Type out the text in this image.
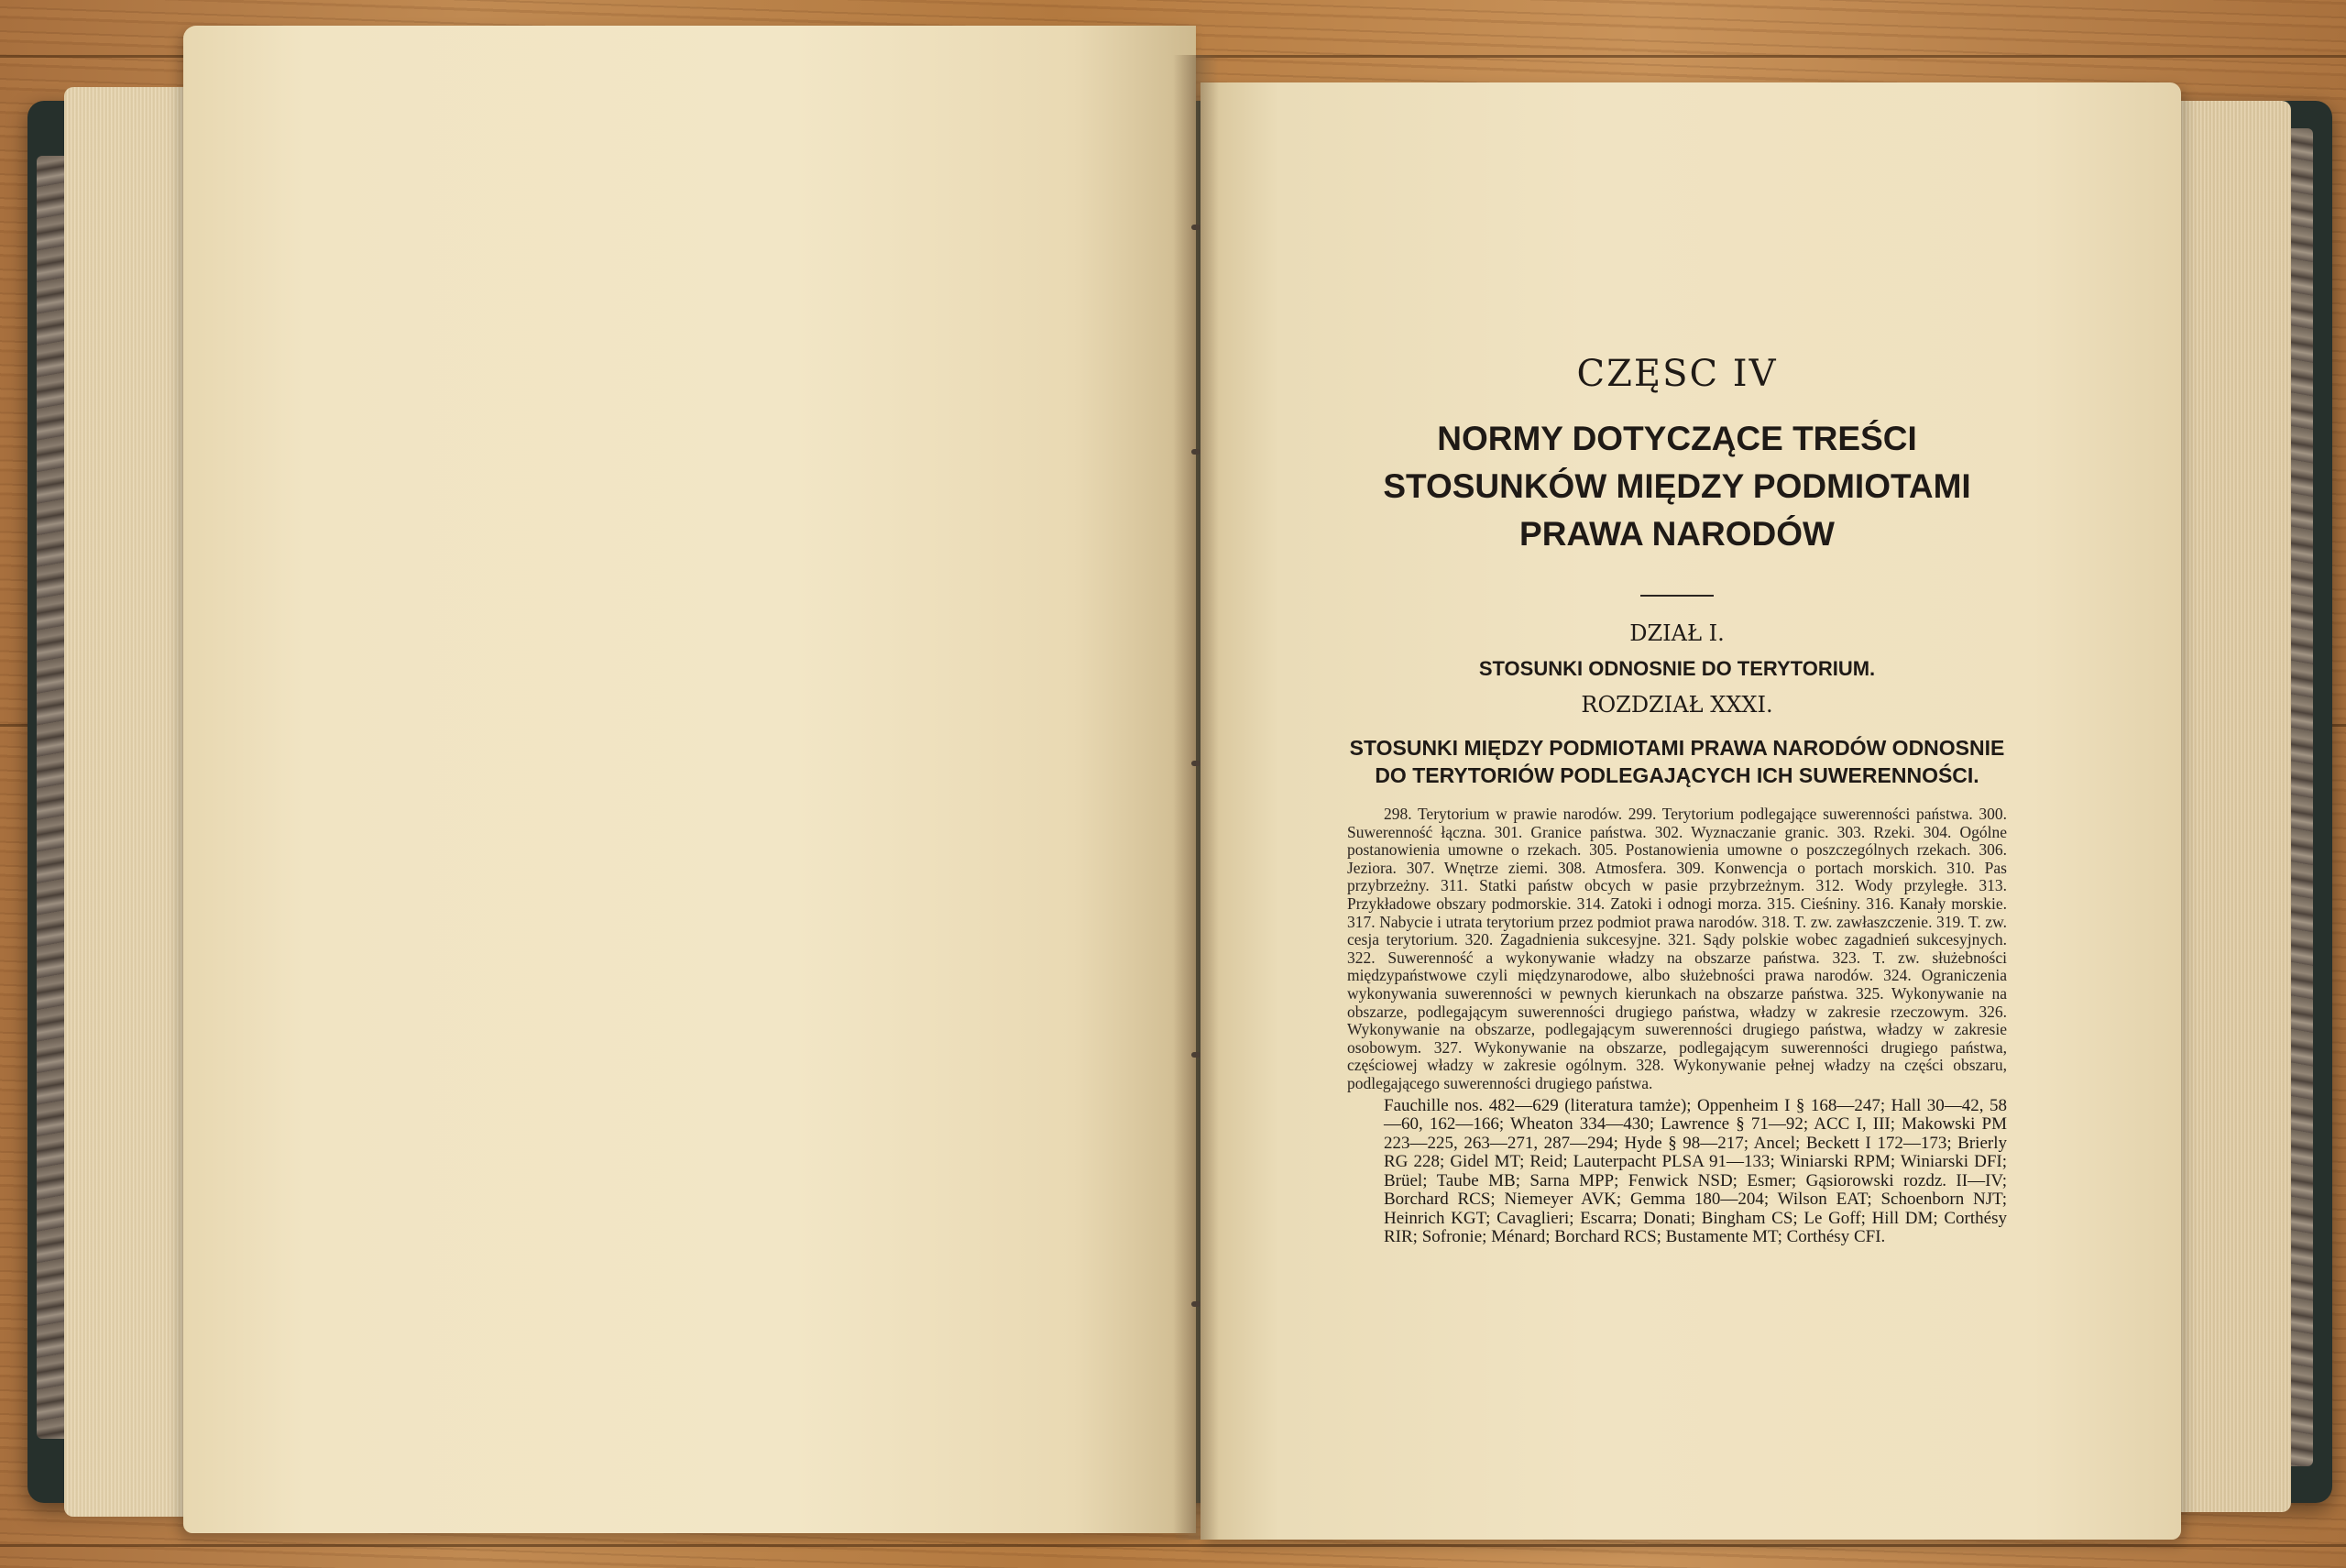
CZĘSC IV
NORMY DOTYCZĄCE TREŚCI
STOSUNKÓW MIĘDZY PODMIOTAMI
PRAWA NARODÓW
DZIAŁ I.
STOSUNKI ODNOSNIE DO TERYTORIUM.
ROZDZIAŁ XXXI.
STOSUNKI MIĘDZY PODMIOTAMI PRAWA NARODÓW ODNOSNIE DO TERYTORIÓW PODLEGAJĄCYCH ICH SUWERENNOŚCI.

298. Terytorium w prawie narodów. 299. Terytorium podlegające suwerenności państwa. 300. Suwerenność łączna. 301. Granice państwa. 302. Wyznaczanie granic. 303. Rzeki. 304. Ogólne postanowienia umowne o rzekach. 305. Postanowienia umowne o poszczególnych rzekach. 306. Jeziora. 307. Wnętrze ziemi. 308. Atmosfera. 309. Konwencja o portach morskich. 310. Pas przybrzeżny. 311. Statki państw obcych w pasie przybrzeżnym. 312. Wody przyległe. 313. Przykładowe obszary podmorskie. 314. Zatoki i odnogi morza. 315. Cieśniny. 316. Kanały morskie. 317. Nabycie i utrata terytorium przez podmiot prawa narodów. 318. T. zw. zawłaszczenie. 319. T. zw. cesja terytorium. 320. Zagadnienia sukcesyjne. 321. Sądy polskie wobec zagadnień sukcesyjnych. 322. Suwerenność a wykonywanie władzy na obszarze państwa. 323. T. zw. służebności międzypaństwowe czyli międzynarodowe, albo służebności prawa narodów. 324. Ograniczenia wykonywania suwerenności w pewnych kierunkach na obszarze państwa. 325. Wykonywanie na obszarze, podlegającym suwerenności drugiego państwa, władzy w zakresie rzeczowym. 326. Wykonywanie na obszarze, podlegającym suwerenności drugiego państwa, władzy w zakresie osobowym. 327. Wykonywanie na obszarze, podlegającym suwerenności drugiego państwa, częściowej władzy w zakresie ogólnym. 328. Wykonywanie pełnej władzy na części obszaru, podlegającego suwerenności drugiego państwa.

Fauchille nos. 482—629 (literatura tamże); Oppenheim I § 168—247; Hall 30—42, 58—60, 162—166; Wheaton 334—430; Lawrence § 71—92; ACC I, III; Makowski PM 223—225, 263—271, 287—294; Hyde § 98—217; Ancel; Beckett I 172—173; Brierly RG 228; Gidel MT; Reid; Lauterpacht PLSA 91—133; Winiarski RPM; Winiarski DFI; Brüel; Taube MB; Sarna MPP; Fenwick NSD; Esmer; Gąsiorowski rozdz. II—IV; Borchard RCS; Niemeyer AVK; Gemma 180—204; Wilson EAT; Schoenborn NJT; Heinrich KGT; Cavaglieri; Escarra; Donati; Bingham CS; Le Goff; Hill DM; Corthésy RIR; Sofronie; Ménard; Borchard RCS; Bustamente MT; Corthésy CFI.
